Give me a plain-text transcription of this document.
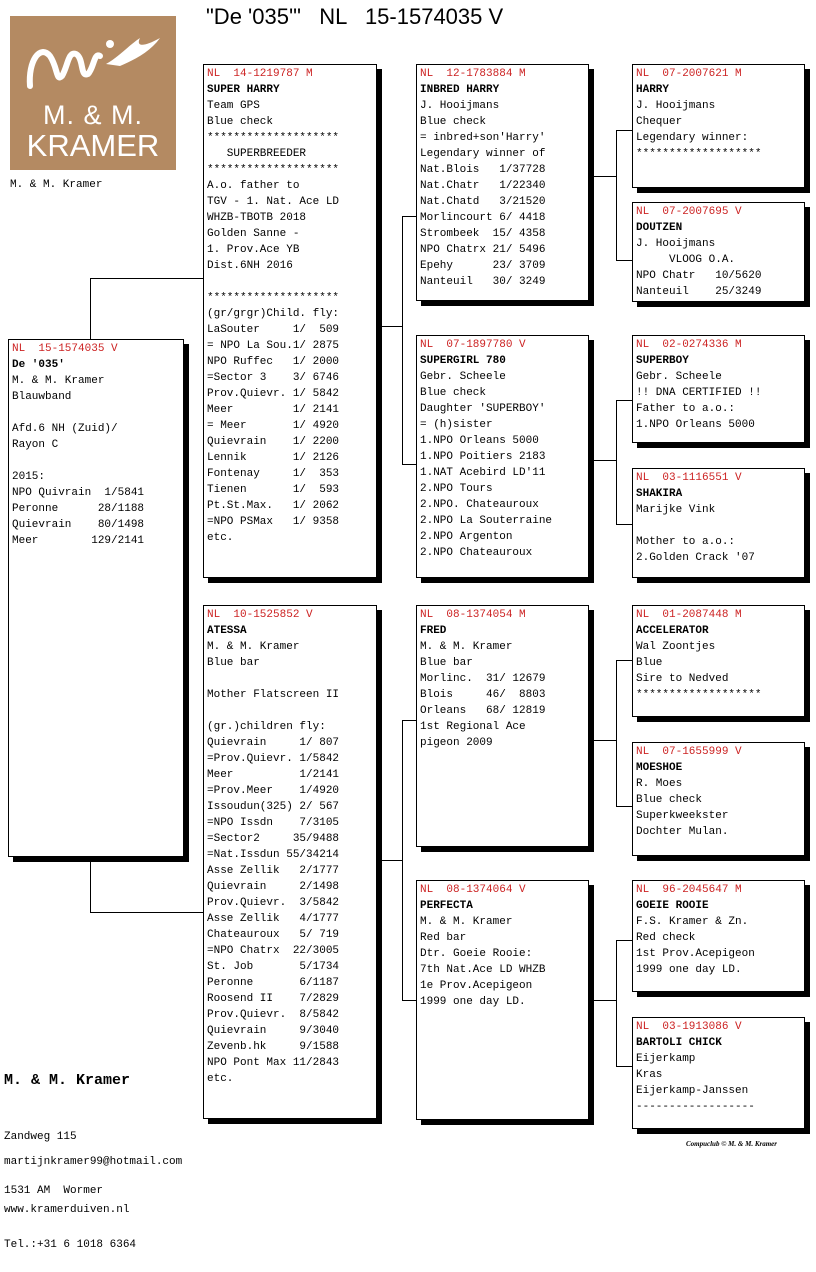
"De '035'"   NL   15-1574035 V
M. & M.
KRAMER
M. & M. Kramer
NL  15-1574035 V
De '035'
M. & M. Kramer
Blauwband

Afd.6 NH (Zuid)/
Rayon C

2015:
NPO Quivrain  1/5841
Peronne      28/1188
Quievrain    80/1498
Meer        129/2141
NL  14-1219787 M
SUPER HARRY
Team GPS
Blue check
********************
SUPERBREEDER
********************
A.o. father to
TGV - 1. Nat. Ace LD
WHZB-TBOTB 2018
Golden Sanne -
1. Prov.Ace YB
Dist.6NH 2016

********************
(gr/grgr)Child. fly:
LaSouter     1/  509
= NPO La Sou.1/ 2875
NPO Ruffec   1/ 2000
=Sector 3    3/ 6746
Prov.Quievr. 1/ 5842
Meer         1/ 2141
= Meer       1/ 4920
Quievrain    1/ 2200
Lennik       1/ 2126
Fontenay     1/  353
Tienen       1/  593
Pt.St.Max.   1/ 2062
=NPO PSMax   1/ 9358
etc.
NL  10-1525852 V
ATESSA
M. & M. Kramer
Blue bar

Mother Flatscreen II

(gr.)children fly:
Quievrain     1/ 807
=Prov.Quievr. 1/5842
Meer          1/2141
=Prov.Meer    1/4920
Issoudun(325) 2/ 567
=NPO Issdn    7/3105
=Sector2     35/9488
=Nat.Issdun 55/34214
Asse Zellik   2/1777
Quievrain     2/1498
Prov.Quievr.  3/5842
Asse Zellik   4/1777
Chateauroux   5/ 719
=NPO Chatrx  22/3005
St. Job       5/1734
Peronne       6/1187
Roosend II    7/2829
Prov.Quievr.  8/5842
Quievrain     9/3040
Zevenb.hk     9/1588
NPO Pont Max 11/2843
etc.
NL  12-1783884 M
INBRED HARRY
J. Hooijmans
Blue check
= inbred+son'Harry'
Legendary winner of
Nat.Blois   1/37728
Nat.Chatr   1/22340
Nat.Chatd   3/21520
Morlincourt 6/ 4418
Strombeek  15/ 4358
NPO Chatrx 21/ 5496
Epehy      23/ 3709
Nanteuil   30/ 3249
NL  07-1897780 V
SUPERGIRL 780
Gebr. Scheele
Blue check
Daughter 'SUPERBOY'
= (h)sister
1.NPO Orleans 5000
1.NPO Poitiers 2183
1.NAT Acebird LD'11
2.NPO Tours
2.NPO. Chateauroux
2.NPO La Souterraine
2.NPO Argenton
2.NPO Chateauroux
NL  08-1374054 M
FRED
M. & M. Kramer
Blue bar
Morlinc.  31/ 12679
Blois     46/  8803
Orleans   68/ 12819
1st Regional Ace
pigeon 2009
NL  08-1374064 V
PERFECTA
M. & M. Kramer
Red bar
Dtr. Goeie Rooie:
7th Nat.Ace LD WHZB
1e Prov.Acepigeon
1999 one day LD.
NL  07-2007621 M
HARRY
J. Hooijmans
Chequer
Legendary winner:
*******************
NL  07-2007695 V
DOUTZEN
J. Hooijmans
VLOOG O.A.
NPO Chatr   10/5620
Nanteuil    25/3249
NL  02-0274336 M
SUPERBOY
Gebr. Scheele
!! DNA CERTIFIED !!
Father to a.o.:
1.NPO Orleans 5000
NL  03-1116551 V
SHAKIRA
Marijke Vink

Mother to a.o.:
2.Golden Crack '07
NL  01-2087448 M
ACCELERATOR
Wal Zoontjes
Blue
Sire to Nedved
*******************
NL  07-1655999 V
MOESHOE
R. Moes
Blue check
Superkweekster
Dochter Mulan.
NL  96-2045647 M
GOEIE ROOIE
F.S. Kramer & Zn.
Red check
1st Prov.Acepigeon
1999 one day LD.
NL  03-1913086 V
BARTOLI CHICK
Eijerkamp
Kras
Eijerkamp-Janssen
------------------

M. & M. Kramer

Zandweg 115

1531 AM  Wormer

Tel.:+31 6 1018 6364

martijnkramer99@hotmail.com

www.kramerduiven.nl

Compuclub © M. & M. Kramer
